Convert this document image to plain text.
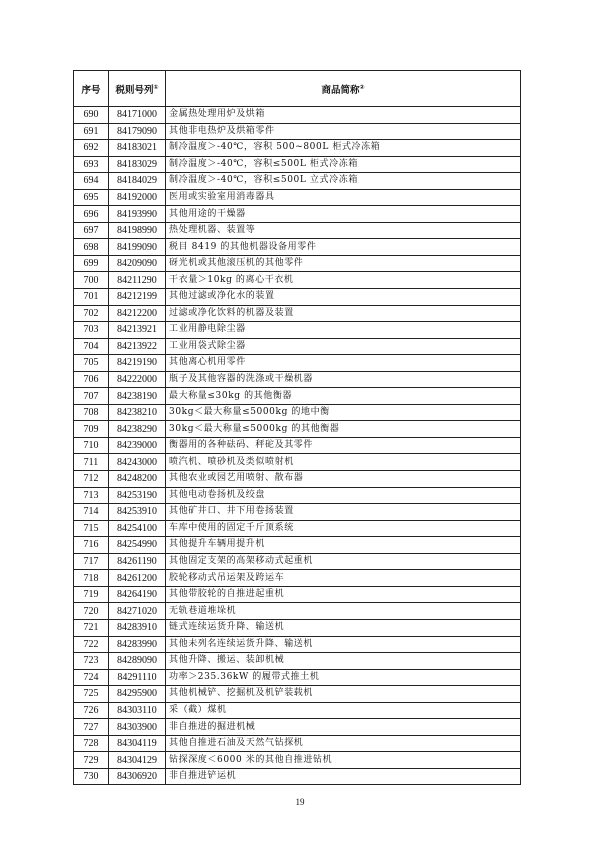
序号	税则号列①	商品简称②
690	84171000	金属热处理用炉及烘箱
691	84179090	其他非电热炉及烘箱零件
692	84183021	制冷温度＞-40℃，容积 500~800L 柜式冷冻箱
693	84183029	制冷温度＞-40℃，容积≤500L 柜式冷冻箱
694	84184029	制冷温度＞-40℃，容积≤500L 立式冷冻箱
695	84192000	医用或实验室用消毒器具
696	84193990	其他用途的干燥器
697	84198990	热处理机器、装置等
698	84199090	税目 8419 的其他机器设备用零件
699	84209090	砑光机或其他滚压机的其他零件
700	84211290	干衣量＞10kg 的离心干衣机
701	84212199	其他过滤或净化水的装置
702	84212200	过滤或净化饮料的机器及装置
703	84213921	工业用静电除尘器
704	84213922	工业用袋式除尘器
705	84219190	其他离心机用零件
706	84222000	瓶子及其他容器的洗涤或干燥机器
707	84238190	最大称量≤30kg 的其他衡器
708	84238210	30kg＜最大称量≤5000kg 的地中衡
709	84238290	30kg＜最大称量≤5000kg 的其他衡器
710	84239000	衡器用的各种砝码、秤砣及其零件
711	84243000	喷汽机、喷砂机及类似喷射机
712	84248200	其他农业或园艺用喷射、散布器
713	84253190	其他电动卷扬机及绞盘
714	84253910	其他矿井口、井下用卷扬装置
715	84254100	车库中使用的固定千斤顶系统
716	84254990	其他提升车辆用提升机
717	84261190	其他固定支架的高架移动式起重机
718	84261200	胶轮移动式吊运架及跨运车
719	84264190	其他带胶轮的自推进起重机
720	84271020	无轨巷道堆垛机
721	84283910	链式连续运货升降、输送机
722	84283990	其他未列名连续运货升降、输送机
723	84289090	其他升降、搬运、装卸机械
724	84291110	功率＞235.36kW 的履带式推土机
725	84295900	其他机械铲、挖掘机及机铲装载机
726	84303110	采（截）煤机
727	84303900	非自推进的掘进机械
728	84304119	其他自推进石油及天然气钻探机
729	84304129	钻探深度＜6000 米的其他自推进钻机
730	84306920	非自推进铲运机
19
